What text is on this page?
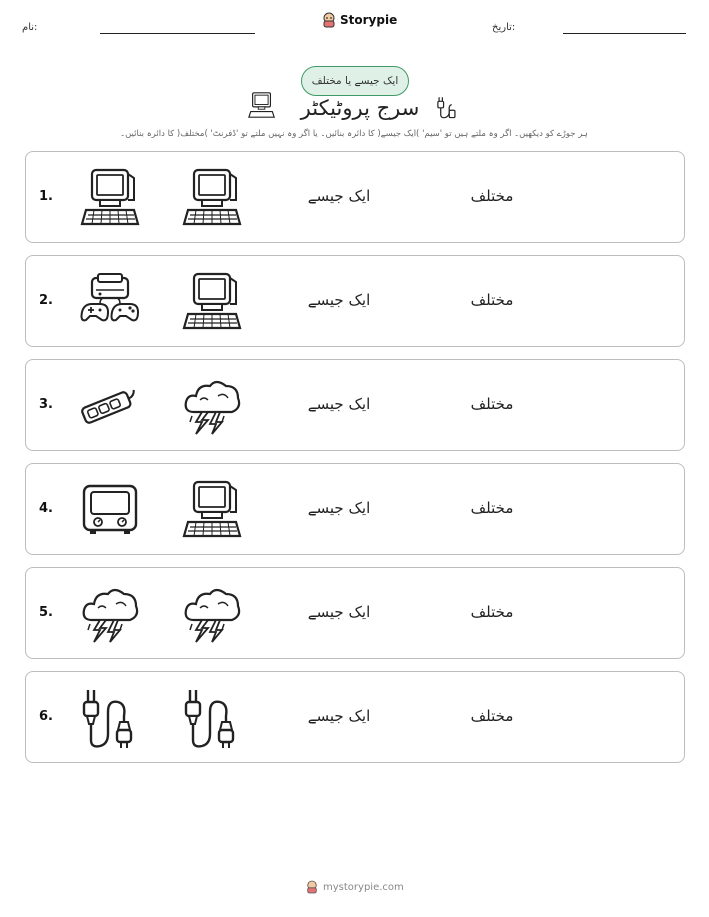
نام:
Storypie
تاریخ:
ایک جیسے یا مختلف
سرج پروٹیکٹر
ہر جوڑے کو دیکھیں۔ اگر وہ ملتے ہیں تو 'سیم' )ایک جیسے( کا دائرہ بنائیں۔ یا اگر وہ نہیں ملتے تو 'ڈفرنٹ' )مختلف( کا دائرہ بنائیں۔
1.	ایک جیسے	مختلف
2.	ایک جیسے	مختلف
3.	ایک جیسے	مختلف
4.	ایک جیسے	مختلف
5.	ایک جیسے	مختلف
6.	ایک جیسے	مختلف
mystorypie.com
